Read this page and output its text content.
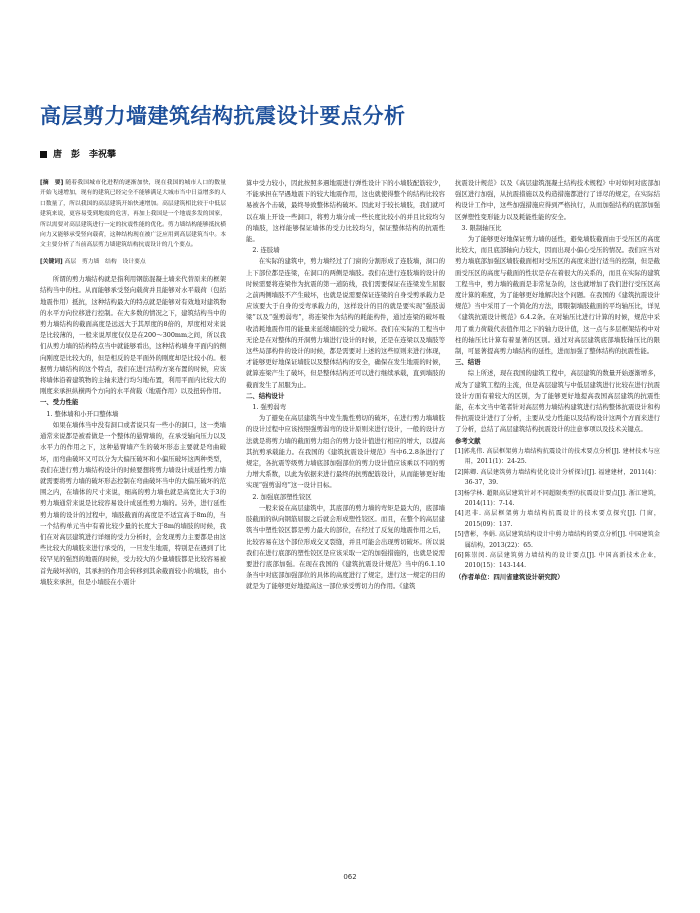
高层剪力墙建筑结构抗震设计要点分析
唐　彭　李祝攀

[摘　要] 随着我国城市化进程的逐渐加快，现在我国的城市人口的数量开始飞速增加，现有的建筑已经完全不能够满足大城市当中日益增多的人口数量了，所以我国的高层建筑开始快速增加。高层建筑相比较于中低层建筑来说，更容易受到地震的危害，再加上我国是一个地震多发的国家，所以需要对高层建筑进行一定的抗震性能的优化。剪力墙结构能够抵抗横向力又能够承受竖向载荷，这种结构现在被广泛应用到高层建筑当中。本文主要分析了当前高层剪力墙建筑结构抗震设计的几个要点。

[关键词] 高层　剪力墙　结构　设计要点

所谓的剪力墙结构就是指利用钢筋混凝土墙来代替原来的框架结构当中的柱。从而能够承受竖向载荷并且能够对水平载荷（包括地震作用）抵抗，这种结构最大的特点就是能够对有效地对建筑物的水平方向位移进行控制。在大多数的情况之下，建筑结构当中的剪力墙结构的截面高度是远远大于其厚度的8倍的，厚度相对来说是比较薄的，一般来说厚度仅仅是在200～300mm之间，所以我们从剪力墙的结构特点当中就能够看出，这种结构墙身平面内的侧向刚度是比较大的，但是相反的是平面外的刚度却是比较小的。根据剪力墙结构的这个特点，我们在进行结构方案布置的时候，应该将墙体沿着建筑物的主轴来进行均匀地布置，利用平面内比较大的刚度来承担纵横两个方向的水平荷载（地震作用）以及扭转作用。

一、受力性能

1. 整体墙和小开口整体墙

如果在墙体当中没有洞口或者说只有一些小的洞口，这一类墙通常来说都是被看做是一个整体的悬臂墙的，在承受轴向压力以及水平力的作用之下，这种悬臂墙产生的破坏形态主要就是弯曲破坏，而弯曲破坏又可以分为大偏压破坏和小偏压破坏这两种类型，我们在进行剪力墙结构设计的时候要想将剪力墙设计成延性剪力墙就需要将剪力墙的破坏形态控制在弯曲破坏当中的大偏压破坏的范围之内，在墙体的尺寸来说，细高的剪力墙也就是高宽比大于3的剪力墙通常来说是比较容易设计成延性剪力墙的。另外，进行延性剪力墙的设计的过程中，墙肢截面的高度是不适宜高于8m的，当一个结构单元当中有着比较少量的长度大于8m的墙肢的时候，我们在对高层建筑进行详细的受力分析时，会发现剪力主要都是由这些比较大的墙肢来进行承受的，一旦发生地震，特别是在遇到了比较罕见的强烈的地震的时候，受力较大的少量墙肢都是比较容易被首先破坏掉的，其承担的作用会转移到其余截面较小的墙肢，由小墙肢来承担，但是小墙肢在小震计

算中受力较小，因此按照多遇地震进行弹性设计下的小墙肢配筋较少，不能承担在罕遇地震下的较大地震作用，这也就使得整个的结构比较容易被各个击破，最终导致整体结构破坏。因此对于较长墙肢，我们就可以在墙上开设一些洞口，将剪力墙分成一些长度比较小的并且比较均匀的墙肢，这样能够保证墙体的受力比较均匀，保证整体结构的抗震性能。

2. 连肢墙

在实际的建筑中，剪力墙经过了门窗的分割形成了连肢墙，洞口的上下部位都是连梁，在洞口的两侧是墙肢。我们在进行连肢墙的设计的时候需要将连梁作为抗震的第一道防线，我们需要保证在连梁发生屈服之前两侧墙肢不产生破坏，也就是说需要保证连梁的自身受剪承载力是应该要大于自身的受弯承载力的，这样设计的目的就是要实现“强肢弱梁”以及“强剪弱弯”，将连梁作为结构的耗能构件，通过连梁的破坏吸收消耗地震作用的能量来延缓墙肢的受力破坏。我们在实际的工程当中无论是在对整体的开洞剪力墙进行设计的时候，还是在连梁以及墙肢等这些局部构件的设计的时候，都是需要对上述的这些原则来进行体现，才能够更好地保证墙肢以及整体结构的安全，确保在发生地震的时候，就算连梁产生了破坏，但是整体结构还可以进行继续承载，直到墙肢的截面发生了屈服为止。

二、结构设计

1. 强剪弱弯

为了避免在高层建筑当中发生脆性剪切的破坏，在进行剪力墙墙肢的设计过程中应该按照强剪弱弯的设计原则来进行设计，一般的设计方法就是将剪力墙的截面剪力组合的剪力设计值进行相应的增大，以提高其抗剪承载能力。在我国的《建筑抗震设计规范》当中6.2.8条进行了规定，各抗震等级剪力墙底部加强部位的剪力设计值应该乘以不同的剪力增大系数，以此为依据来进行最终的抗剪配筋设计，从而能够更好地实现“强剪弱弯”这一设计目标。

2. 加强底部塑性铰区

一般来说在高层建筑中，其底部的剪力墙的弯矩是最大的，底部墙肢截面的纵向钢筋屈服之后就会形成塑性铰区。而且，在整个的高层建筑当中塑性铰区都是剪力最大的部位，在经过了反复的地震作用之后，比较容易在这个部位形成交叉裂缝，并且可能会出现剪切破坏。所以说我们在进行底部的塑性铰区是应该采取一定的加强措施的，也就是说需要进行底部加强。在现在我国的《建筑抗震设计规范》当中的6.1.10条当中对底部加强部位的具体的高度进行了规定，进行这一规定的目的就是为了能够更好地提高这一部位承受剪切力的作用。《建筑

抗震设计规范》以及《高层建筑混凝土结构技术规程》中对如何对底部加强区进行加强，从抗震措施以及构造措施都进行了详尽的规定，在实际结构设计工作中，这些加强措施应得到严格执行，从而加强结构的底部加强区弹塑性变形能力以及耗能性能的安全。

3. 限制轴压比

为了能够更好地保证剪力墙的延性，避免墙肢截面由于受压区的高度比较大，而且底部轴向力较大，因而出现小偏心受压的情况。我们应当对剪力墙底部加强区墙肢截面相对受压区的高度来进行适当的控制，但是截面受压区的高度与截面的性状是存在着很大的关系的，而且在实际的建筑工程当中，剪力墙的截面是非常复杂的，这也就增加了我们进行受压区高度计算的难度，为了能够更好地解决这个问题。在我国的《建筑抗震设计规范》当中采用了一个简化的方法，即限制墙肢截面的平均轴压比，详见《建筑抗震设计规范》6.4.2条。在对轴压比进行计算的时候，规范中采用了重力荷载代表值作用之下的轴力设计值，这一点与多层框架结构中对柱的轴压比计算有着显著的区别。通过对高层建筑底部墙肢轴压比的限制，可显著提高剪力墙结构的延性，进而加强了整体结构的抗震性能。

三、结语

综上所述，现在我国的建筑工程中，高层建筑的数量开始逐渐增多，成为了建筑工程的主流，但是高层建筑与中低层建筑进行比较在进行抗震设计方面有着较大的区别，为了能够更好地提高我国高层建筑的抗震性能，在本文当中笔者针对高层剪力墙结构建筑进行结构整体抗震设计和构件抗震设计进行了分析，主要从受力性能以及结构设计这两个方面来进行了分析，总结了高层建筑结构抗震设计的注意事项以及技术关键点。

参考文献

[1]郭兆伟. 高层框架剪力墙结构抗震设计的技术要点分析[J]. 建材技术与应用，2011(1)：24-25.

[2]陈卿. 高层建筑剪力墙结构优化设计分析探讨[J]. 福建建材，2011(4)：36-37，39.

[3]杨学林. 超限高层建筑针对不同超限类型的抗震设计要点[J]. 浙江建筑，2014(11)：7-14.

[4]迟非. 高层框架剪力墙结构抗震设计的技术要点探究[J]. 门窗，2015(09)：137.

[5]曹彬，李娟. 高层建筑结构设计中剪力墙结构的要点分析[J]. 中国建筑金属结构，2013(22)：65.

[6]陈崇闵. 高层建筑剪力墙结构的设计要点[J]. 中国高新技术企业，2010(15)：143-144.

（作者单位：四川省建筑设计研究院）

062
